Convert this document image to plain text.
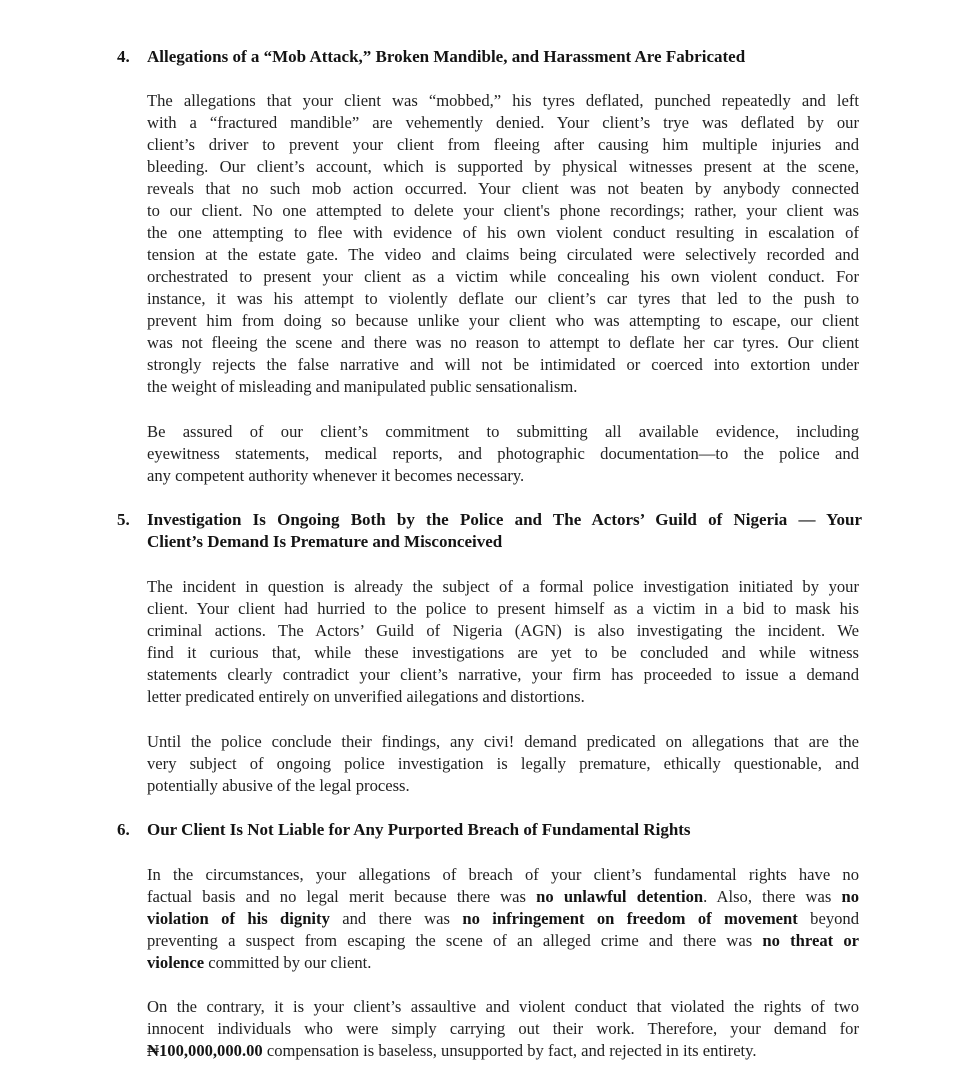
4. Allegations of a “Mob Attack,” Broken Mandible, and Harassment Are Fabricated
The allegations that your client was “mobbed,” his tyres deflated, punched repeatedly and left
with a “fractured mandible” are vehemently denied. Your client’s trye was deflated by our
client’s driver to prevent your client from fleeing after causing him multiple injuries and
bleeding. Our client’s account, which is supported by physical witnesses present at the scene,
reveals that no such mob action occurred. Your client was not beaten by anybody connected
to our client. No one attempted to delete your client's phone recordings; rather, your client was
the one attempting to flee with evidence of his own violent conduct resulting in escalation of
tension at the estate gate. The video and claims being circulated were selectively recorded and
orchestrated to present your client as a victim while concealing his own violent conduct. For
instance, it was his attempt to violently deflate our client’s car tyres that led to the push to
prevent him from doing so because unlike your client who was attempting to escape, our client
was not fleeing the scene and there was no reason to attempt to deflate her car tyres. Our client
strongly rejects the false narrative and will not be intimidated or coerced into extortion under
the weight of misleading and manipulated public sensationalism.
Be assured of our client’s commitment to submitting all available evidence, including
eyewitness statements, medical reports, and photographic documentation—to the police and
any competent authority whenever it becomes necessary.
5. Investigation Is Ongoing Both by the Police and The Actors’ Guild of Nigeria — Your
Client’s Demand Is Premature and Misconceived
The incident in question is already the subject of a formal police investigation initiated by your
client. Your client had hurried to the police to present himself as a victim in a bid to mask his
criminal actions. The Actors’ Guild of Nigeria (AGN) is also investigating the incident. We
find it curious that, while these investigations are yet to be concluded and while witness
statements clearly contradict your client’s narrative, your firm has proceeded to issue a demand
letter predicated entirely on unverified ailegations and distortions.
Until the police conclude their findings, any civi! demand predicated on allegations that are the
very subject of ongoing police investigation is legally premature, ethically questionable, and
potentially abusive of the legal process.
6. Our Client Is Not Liable for Any Purported Breach of Fundamental Rights
In the circumstances, your allegations of breach of your client’s fundamental rights have no
factual basis and no legal merit because there was no unlawful detention. Also, there was no
violation of his dignity and there was no infringement on freedom of movement beyond
preventing a suspect from escaping the scene of an alleged crime and there was no threat or
violence committed by our client.
On the contrary, it is your client’s assaultive and violent conduct that violated the rights of two
innocent individuals who were simply carrying out their work. Therefore, your demand for
₦100,000,000.00 compensation is baseless, unsupported by fact, and rejected in its entirety.
